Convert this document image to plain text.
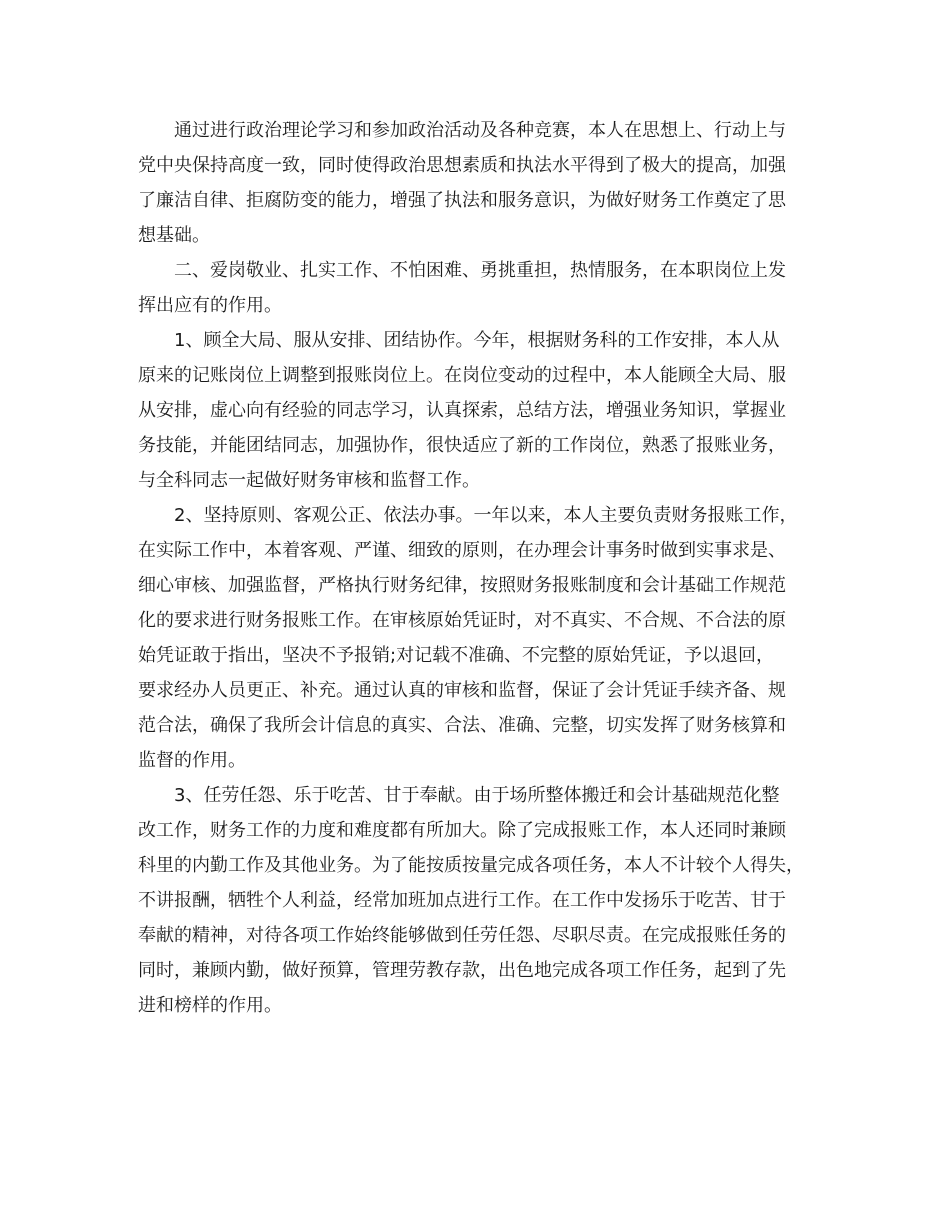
通过进行政治理论学习和参加政治活动及各种竞赛，本人在思想上、行动上与
党中央保持高度一致，同时使得政治思想素质和执法水平得到了极大的提高，加强
了廉洁自律、拒腐防变的能力，增强了执法和服务意识，为做好财务工作奠定了思
想基础。

二、爱岗敬业、扎实工作、不怕困难、勇挑重担，热情服务，在本职岗位上发
挥出应有的作用。

1、顾全大局、服从安排、团结协作。今年，根据财务科的工作安排，本人从
原来的记账岗位上调整到报账岗位上。在岗位变动的过程中，本人能顾全大局、服
从安排，虚心向有经验的同志学习，认真探索，总结方法，增强业务知识，掌握业
务技能，并能团结同志，加强协作，很快适应了新的工作岗位，熟悉了报账业务，
与全科同志一起做好财务审核和监督工作。

2、坚持原则、客观公正、依法办事。一年以来，本人主要负责财务报账工作，
在实际工作中，本着客观、严谨、细致的原则，在办理会计事务时做到实事求是、
细心审核、加强监督，严格执行财务纪律，按照财务报账制度和会计基础工作规范
化的要求进行财务报账工作。在审核原始凭证时，对不真实、不合规、不合法的原
始凭证敢于指出，坚决不予报销;对记载不准确、不完整的原始凭证，予以退回，
要求经办人员更正、补充。通过认真的审核和监督，保证了会计凭证手续齐备、规
范合法，确保了我所会计信息的真实、合法、准确、完整，切实发挥了财务核算和
监督的作用。

3、任劳任怨、乐于吃苦、甘于奉献。由于场所整体搬迁和会计基础规范化整
改工作，财务工作的力度和难度都有所加大。除了完成报账工作，本人还同时兼顾
科里的内勤工作及其他业务。为了能按质按量完成各项任务，本人不计较个人得失，
不讲报酬，牺牲个人利益，经常加班加点进行工作。在工作中发扬乐于吃苦、甘于
奉献的精神，对待各项工作始终能够做到任劳任怨、尽职尽责。在完成报账任务的
同时，兼顾内勤，做好预算，管理劳教存款，出色地完成各项工作任务，起到了先
进和榜样的作用。
